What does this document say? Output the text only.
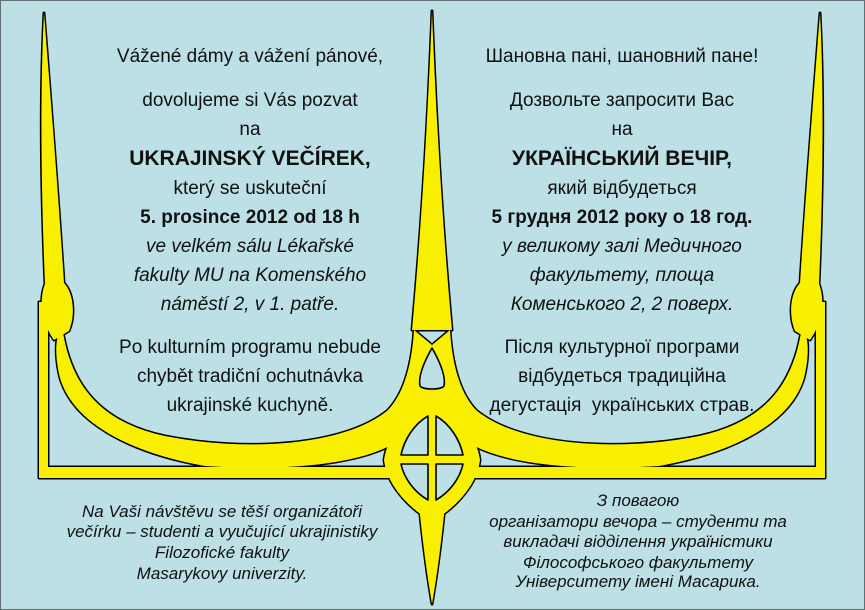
Vážené dámy a vážení pánové,
dovolujeme si Vás pozvat
na
UKRAJINSKÝ VEČÍREK,
který se uskuteční
5. prosince 2012 od 18 h
ve velkém sálu Lékařské
fakulty MU na Komenského
náměstí 2, v 1. patře.
Po kulturním programu nebude
chybět tradiční ochutnávka
ukrajinské kuchyně.
Шановна пані, шановний пане!
Дозвольте запросити Вас
на
УКРАЇНСЬКИЙ ВЕЧІР,
який відбудеться
5 грудня 2012 року о 18 год.
у великому залі Медичного
факультету, площа
Коменського 2, 2 поверх.
Після культурної програми
відбудеться традиційна
дегустація  українських страв.
Na Vaši návštěvu se těší organizátoři
večírku – studenti a vyučující ukrajinistiky
Filozofické fakulty
Masarykovy univerzity.
З повагою
організатори вечора – студенти та
викладачі відділення україністики
Філософського факультету
Університету імені Масарика.
